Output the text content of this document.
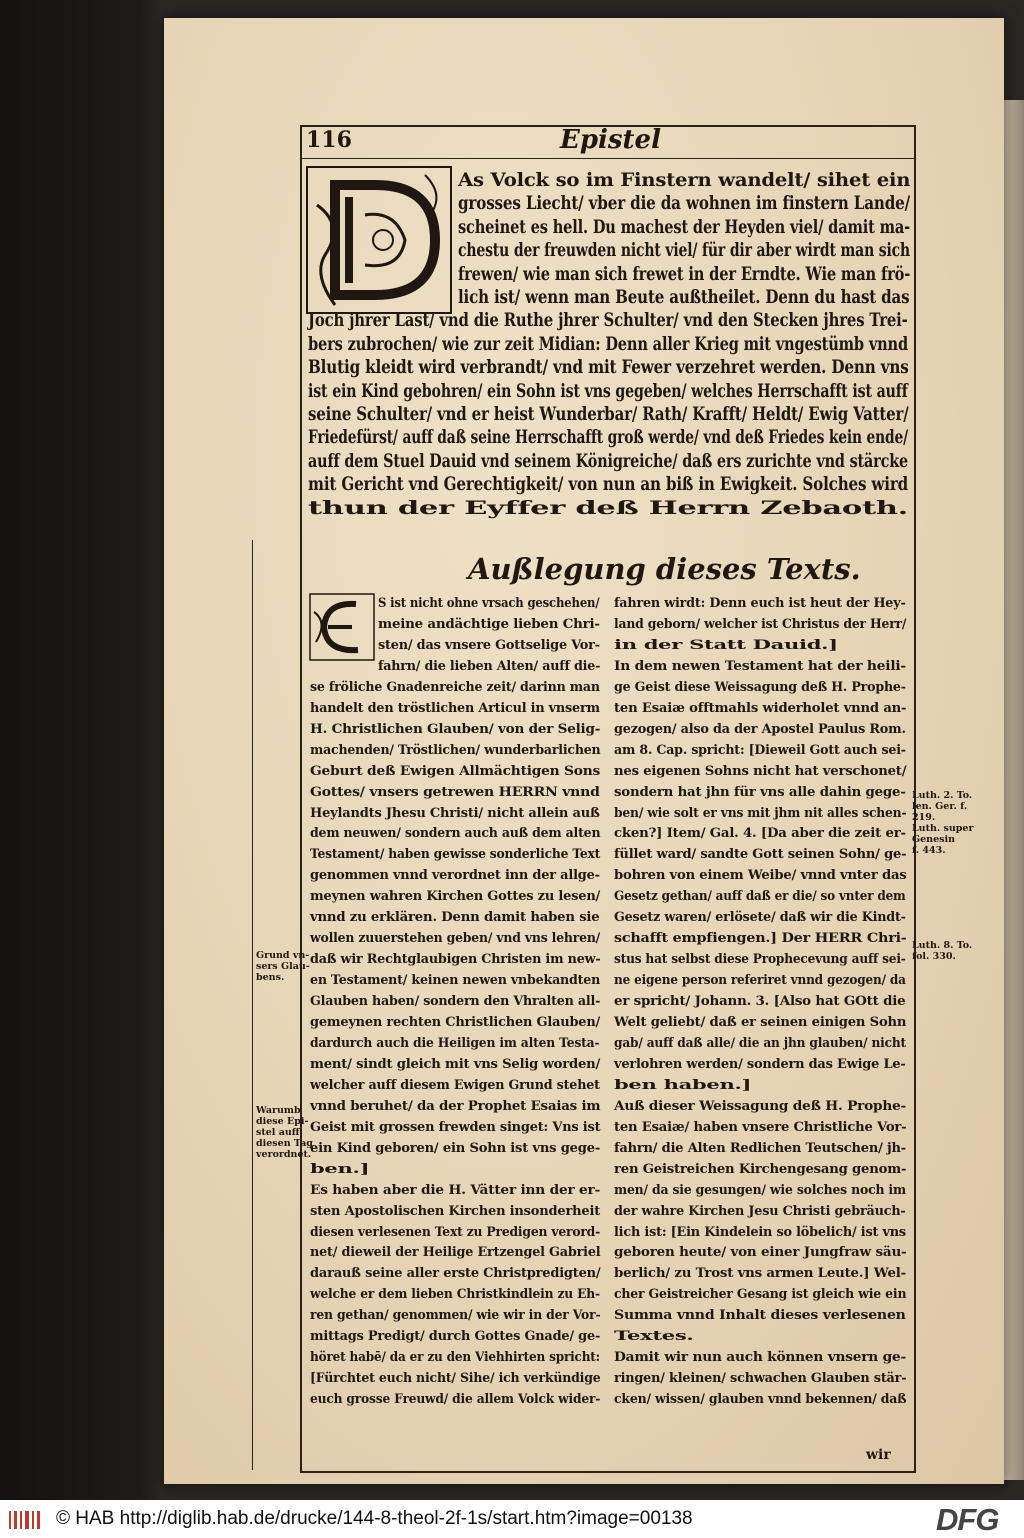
116	Epistel
As Volck so im Finstern wandelt/ sihet ein
grosses Liecht/ vber die da wohnen im finstern Lande/
scheinet es hell. Du machest der Heyden viel/ damit ma-
chestu der freuwden nicht viel/ für dir aber wirdt man sich
frewen/ wie man sich frewet in der Erndte. Wie man frö-
lich ist/ wenn man Beute außtheilet. Denn du hast das
Joch jhrer Last/ vnd die Ruthe jhrer Schulter/ vnd den Stecken jhres Trei-
bers zubrochen/ wie zur zeit Midian: Denn aller Krieg mit vngestümb vnnd
Blutig kleidt wird verbrandt/ vnd mit Fewer verzehret werden. Denn vns
ist ein Kind gebohren/ ein Sohn ist vns gegeben/ welches Herrschafft ist auff
seine Schulter/ vnd er heist Wunderbar/ Rath/ Krafft/ Heldt/ Ewig Vatter/
Friedefürst/ auff daß seine Herrschafft groß werde/ vnd deß Friedes kein ende/
auff dem Stuel Dauid vnd seinem Königreiche/ daß ers zurichte vnd stärcke
mit Gericht vnd Gerechtigkeit/ von nun an biß in Ewigkeit. Solches wird
thun der Eyffer deß Herrn Zebaoth.
Außlegung dieses Texts.
S ist nicht ohne vrsach geschehen/
meine andächtige lieben Chri-
sten/ das vnsere Gottselige Vor-
fahrn/ die lieben Alten/ auff die-
se fröliche Gnadenreiche zeit/ darinn man
handelt den tröstlichen Articul in vnserm
H. Christlichen Glauben/ von der Selig-
machenden/ Tröstlichen/ wunderbarlichen
Geburt deß Ewigen Allmächtigen Sons
Gottes/ vnsers getrewen HERRN vnnd
Heylandts Jhesu Christi/ nicht allein auß
dem neuwen/ sondern auch auß dem alten
Testament/ haben gewisse sonderliche Text
genommen vnnd verordnet inn der allge-
meynen wahren Kirchen Gottes zu lesen/
vnnd zu erklären. Denn damit haben sie
wollen zuuerstehen geben/ vnd vns lehren/
daß wir Rechtglaubigen Christen im new-
en Testament/ keinen newen vnbekandten
Glauben haben/ sondern den Vhralten all-
gemeynen rechten Christlichen Glauben/
dardurch auch die Heiligen im alten Testa-
ment/ sindt gleich mit vns Selig worden/
welcher auff diesem Ewigen Grund stehet
vnnd beruhet/ da der Prophet Esaias im
Geist mit grossen frewden singet: Vns ist
ein Kind geboren/ ein Sohn ist vns gege-
ben.]
Es haben aber die H. Vätter inn der er-
sten Apostolischen Kirchen insonderheit
diesen verlesenen Text zu Predigen verord-
net/ dieweil der Heilige Ertzengel Gabriel
darauß seine aller erste Christpredigten/
welche er dem lieben Christkindlein zu Eh-
ren gethan/ genommen/ wie wir in der Vor-
mittags Predigt/ durch Gottes Gnade/ ge-
höret habē/ da er zu den Viehhirten spricht:
[Fürchtet euch nicht/ Sihe/ ich verkündige
euch grosse Freuwd/ die allem Volck wider-
fahren wirdt: Denn euch ist heut der Hey-
land geborn/ welcher ist Christus der Herr/
in der Statt Dauid.]
In dem newen Testament hat der heili-
ge Geist diese Weissagung deß H. Prophe-
ten Esaiæ offtmahls widerholet vnnd an-
gezogen/ also da der Apostel Paulus Rom.
am 8. Cap. spricht: [Dieweil Gott auch sei-
nes eigenen Sohns nicht hat verschonet/
sondern hat jhn für vns alle dahin gege-
ben/ wie solt er vns mit jhm nit alles schen-
cken?] Item/ Gal. 4. [Da aber die zeit er-
füllet ward/ sandte Gott seinen Sohn/ ge-
bohren von einem Weibe/ vnnd vnter das
Gesetz gethan/ auff daß er die/ so vnter dem
Gesetz waren/ erlösete/ daß wir die Kindt-
schafft empfiengen.] Der HERR Chri-
stus hat selbst diese Prophecevung auff sei-
ne eigene person referiret vnnd gezogen/ da
er spricht/ Johann. 3. [Also hat GOtt die
Welt geliebt/ daß er seinen einigen Sohn
gab/ auff daß alle/ die an jhn glauben/ nicht
verlohren werden/ sondern das Ewige Le-
ben haben.]
Auß dieser Weissagung deß H. Prophe-
ten Esaiæ/ haben vnsere Christliche Vor-
fahrn/ die Alten Redlichen Teutschen/ jh-
ren Geistreichen Kirchengesang genom-
men/ da sie gesungen/ wie solches noch im
der wahre Kirchen Jesu Christi gebräuch-
lich ist: [Ein Kindelein so löbelich/ ist vns
geboren heute/ von einer Jungfraw säu-
berlich/ zu Trost vns armen Leute.] Wel-
cher Geistreicher Gesang ist gleich wie ein
Summa vnnd Inhalt dieses verlesenen
Textes.
Damit wir nun auch können vnsern ge-
ringen/ kleinen/ schwachen Glauben stär-
cken/ wissen/ glauben vnnd bekennen/ daß
Grund vn-
sers Glau-
bens.
Warumb
diese Epi-
stel auff
diesen Tag
verordnet.
Luth. 2. To.
len. Ger. f.
219.
Luth. super
Genesin
f. 443.
Luth. 8. To.
fol. 330.
wir
© HAB http://diglib.hab.de/drucke/144-8-theol-2f-1s/start.htm?image=00138	DFG
